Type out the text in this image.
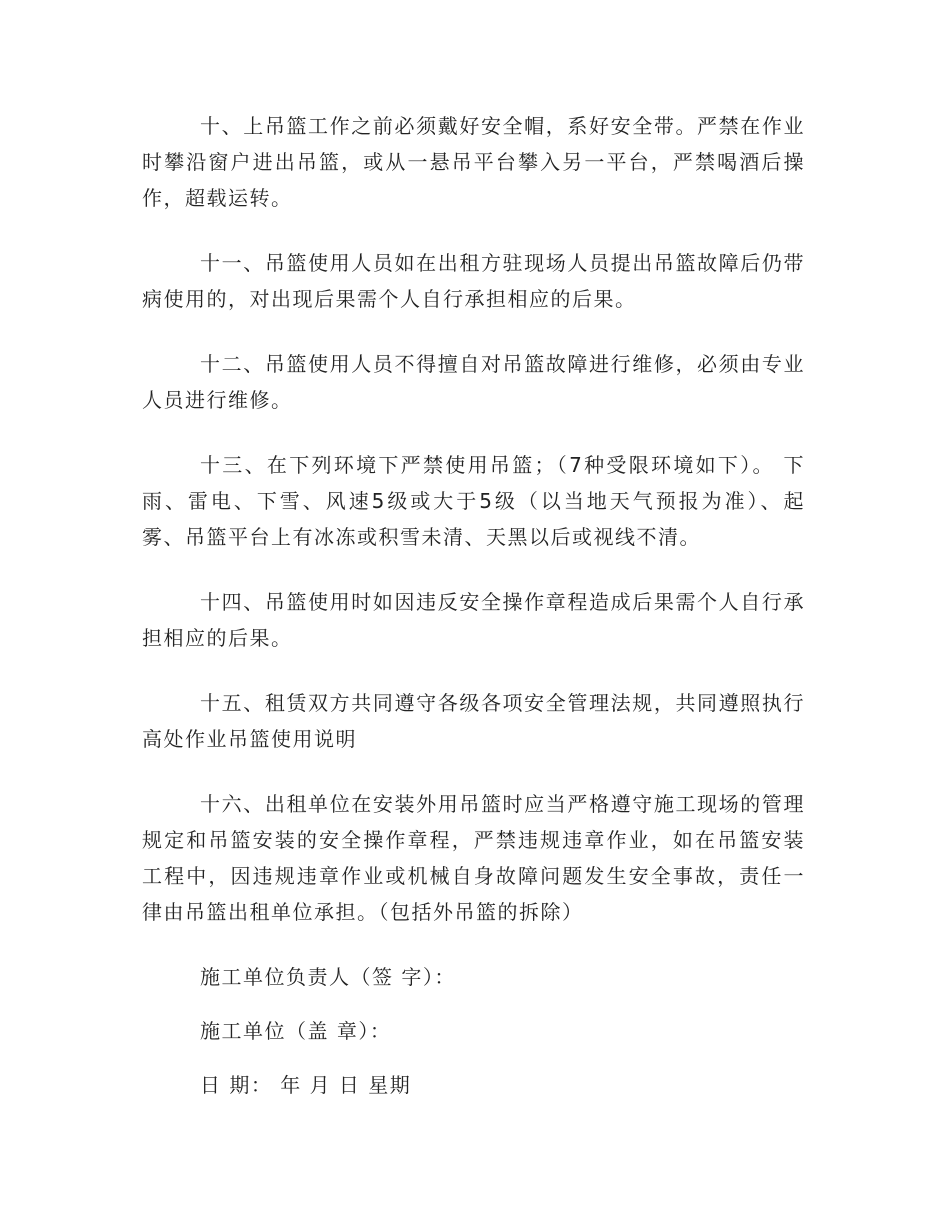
十、上吊篮工作之前必须戴好安全帽，系好安全带。严禁在作业时攀沿窗户进出吊篮，或从一悬吊平台攀入另一平台，严禁喝酒后操作，超载运转。

十一、吊篮使用人员如在出租方驻现场人员提出吊篮故障后仍带病使用的，对出现后果需个人自行承担相应的后果。

十二、吊篮使用人员不得擅自对吊篮故障进行维修，必须由专业人员进行维修。

十三、在下列环境下严禁使用吊篮；（7种受限环境如下）。 下雨、雷电、下雪、风速5级或大于5级（以当地天气预报为准）、起雾、吊篮平台上有冰冻或积雪未清、天黑以后或视线不清。

十四、吊篮使用时如因违反安全操作章程造成后果需个人自行承担相应的后果。

十五、租赁双方共同遵守各级各项安全管理法规，共同遵照执行高处作业吊篮使用说明

十六、出租单位在安装外用吊篮时应当严格遵守施工现场的管理规定和吊篮安装的安全操作章程，严禁违规违章作业，如在吊篮安装工程中，因违规违章作业或机械自身故障问题发生安全事故，责任一律由吊篮出租单位承担。（包括外吊篮的拆除）

施工单位负责人（签 字）：

施工单位（盖 章）：

日 期： 年 月 日 星期
